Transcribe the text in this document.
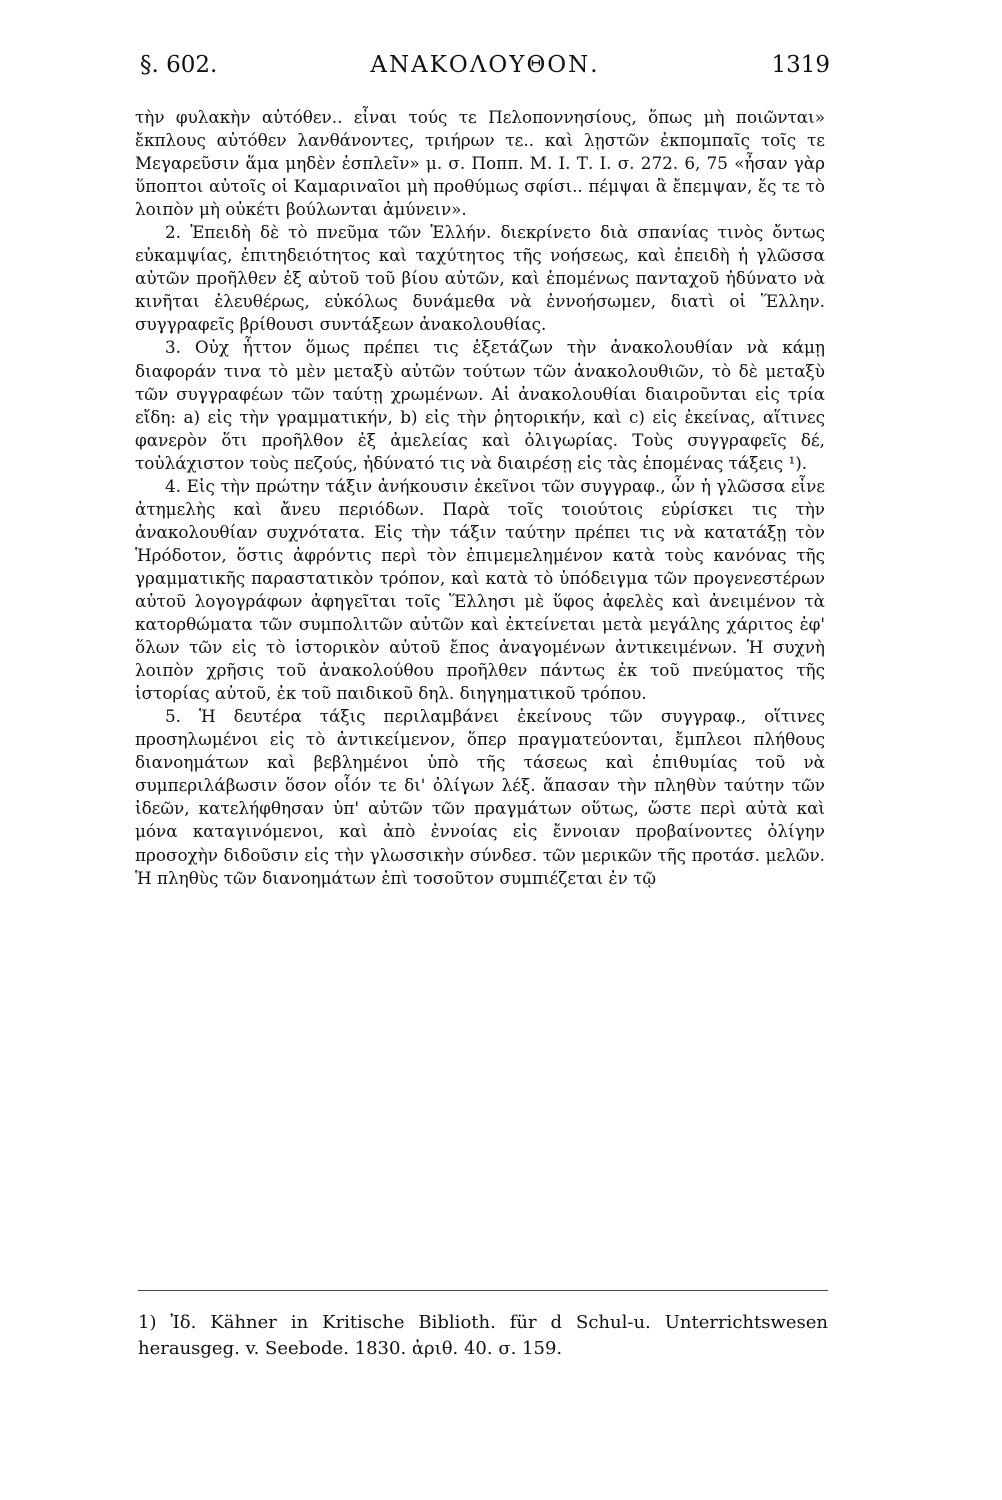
§. 602.	ΑΝΑΚΟΛΟΥΘΟΝ.	1319

τὴν φυλακὴν αὐτόθεν.. εἶναι τούς τε Πελοποννησίους, ὅπως μὴ ποιῶνται» ἔκπλους αὐτόθεν λανθάνοντες, τριήρων τε.. καὶ λῃστῶν ἐκπομπαῖς τοῖς τε Μεγαρεῦσιν ἅμα μηδὲν ἐσπλεῖν» μ. σ. Ποππ. Μ. Ι. Τ. Ι. σ. 272. 6, 75 «ἦσαν γὰρ ὕποπτοι αὐτοῖς οἱ Καμαριναῖοι μὴ προθύμως σφίσι.. πέμψαι ἃ ἔπεμψαν, ἔς τε τὸ λοιπὸν μὴ οὐκέτι βούλωνται ἀμύνειν».

2. Ἐπειδὴ δὲ τὸ πνεῦμα τῶν Ἑλλήν. διεκρίνετο διὰ σπανίας τινὸς ὄντως εὐκαμψίας, ἐπιτηδειότητος καὶ ταχύτητος τῆς νοήσεως, καὶ ἐπειδὴ ἡ γλῶσσα αὐτῶν προῆλθεν ἐξ αὐτοῦ τοῦ βίου αὐτῶν, καὶ ἑπομένως πανταχοῦ ἠδύνατο νὰ κινῆται ἐλευθέρως, εὐκόλως δυνάμεθα νὰ ἐννοήσωμεν, διατὶ οἱ Ἕλλην. συγγραφεῖς βρίθουσι συντάξεων ἀνακολουθίας.

3. Οὐχ ἧττον ὅμως πρέπει τις ἐξετάζων τὴν ἀνακολουθίαν νὰ κάμῃ διαφοράν τινα τὸ μὲν μεταξὺ αὐτῶν τούτων τῶν ἀνακολουθιῶν, τὸ δὲ μεταξὺ τῶν συγγραφέων τῶν ταύτῃ χρωμένων. Αἱ ἀνακολουθίαι διαιροῦνται εἰς τρία εἴδη: a) εἰς τὴν γραμματικήν, b) εἰς τὴν ῥητορικήν, καὶ c) εἰς ἐκείνας, αἵτινες φανερὸν ὅτι προῆλθον ἐξ ἀμελείας καὶ ὀλιγωρίας. Τοὺς συγγραφεῖς δέ, τοὐλάχιστον τοὺς πεζούς, ἠδύνατό τις νὰ διαιρέσῃ εἰς τὰς ἑπομένας τάξεις ¹).

4. Εἰς τὴν πρώτην τάξιν ἀνήκουσιν ἐκεῖνοι τῶν συγγραφ., ὧν ἡ γλῶσσα εἶνε ἀτημελὴς καὶ ἄνευ περιόδων. Παρὰ τοῖς τοιούτοις εὑρίσκει τις τὴν ἀνακολουθίαν συχνότατα. Εἰς τὴν τάξιν ταύτην πρέπει τις νὰ κατατάξῃ τὸν Ἡρόδοτον, ὅστις ἀφρόντις περὶ τὸν ἐπιμεμελημένον κατὰ τοὺς κανόνας τῆς γραμματικῆς παραστατικὸν τρόπον, καὶ κατὰ τὸ ὑπόδειγμα τῶν προγενεστέρων αὐτοῦ λογογράφων ἀφηγεῖται τοῖς Ἕλλησι μὲ ὕφος ἀφελὲς καὶ ἀνειμένον τὰ κατορθώματα τῶν συμπολιτῶν αὐτῶν καὶ ἐκτείνεται μετὰ μεγάλης χάριτος ἐφ' ὅλων τῶν εἰς τὸ ἱστορικὸν αὐτοῦ ἔπος ἀναγομένων ἀντικειμένων. Ἡ συχνὴ λοιπὸν χρῆσις τοῦ ἀνακολούθου προῆλθεν πάντως ἐκ τοῦ πνεύματος τῆς ἱστορίας αὐτοῦ, ἐκ τοῦ παιδικοῦ δηλ. διηγηματικοῦ τρόπου.

5. Ἡ δευτέρα τάξις περιλαμβάνει ἐκείνους τῶν συγγραφ., οἵτινες προσηλωμένοι εἰς τὸ ἀντικείμενον, ὅπερ πραγματεύονται, ἔμπλεοι πλήθους διανοημάτων καὶ βεβλημένοι ὑπὸ τῆς τάσεως καὶ ἐπιθυμίας τοῦ νὰ συμπεριλάβωσιν ὅσον οἷόν τε δι' ὀλίγων λέξ. ἅπασαν τὴν πληθὺν ταύτην τῶν ἰδεῶν, κατελήφθησαν ὑπ' αὐτῶν τῶν πραγμάτων οὕτως, ὥστε περὶ αὐτὰ καὶ μόνα καταγινόμενοι, καὶ ἀπὸ ἐννοίας εἰς ἔννοιαν προβαίνοντες ὀλίγην προσοχὴν διδοῦσιν εἰς τὴν γλωσσικὴν σύνδεσ. τῶν μερικῶν τῆς προτάσ. μελῶν. Ἡ πληθὺς τῶν διανοημάτων ἐπὶ τοσοῦτον συμπιέζεται ἐν τῷ

1) Ἰδ. Kähner in Kritische Biblioth. für d Schul-u. Unterrichtswesen herausgeg. v. Seebode. 1830. ἀριθ. 40. σ. 159.
